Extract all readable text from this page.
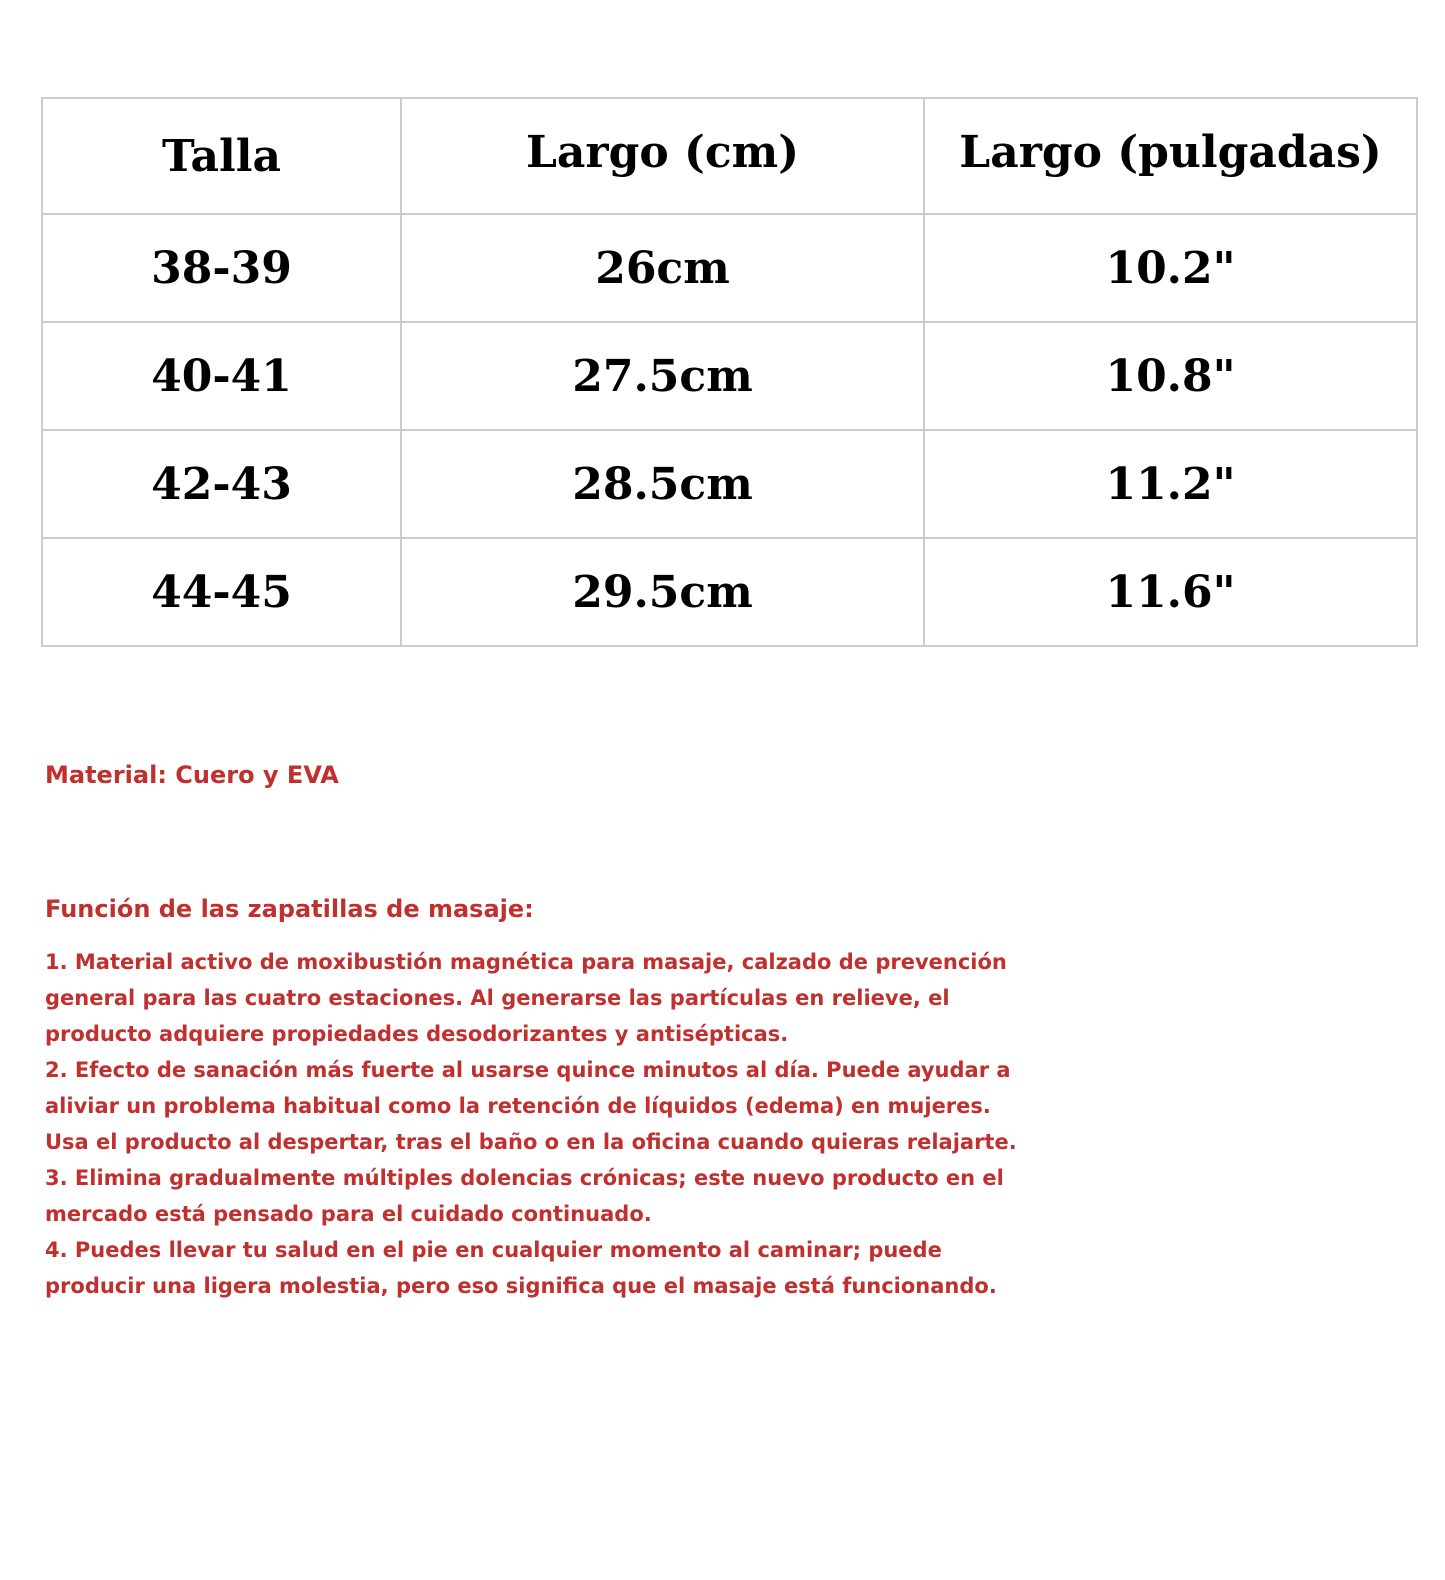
Talla	Largo (cm)	Largo (pulgadas)
38-39	26cm	10.2"
40-41	27.5cm	10.8"
42-43	28.5cm	11.2"
44-45	29.5cm	11.6"

Material: Cuero y EVA

Función de las zapatillas de masaje:

1. Material activo de moxibustión magnética para masaje, calzado de prevención
general para las cuatro estaciones. Al generarse las partículas en relieve, el
producto adquiere propiedades desodorizantes y antisépticas.
2. Efecto de sanación más fuerte al usarse quince minutos al día. Puede ayudar a
aliviar un problema habitual como la retención de líquidos (edema) en mujeres.
Usa el producto al despertar, tras el baño o en la oficina cuando quieras relajarte.
3. Elimina gradualmente múltiples dolencias crónicas; este nuevo producto en el
mercado está pensado para el cuidado continuado.
4. Puedes llevar tu salud en el pie en cualquier momento al caminar; puede
producir una ligera molestia, pero eso significa que el masaje está funcionando.
